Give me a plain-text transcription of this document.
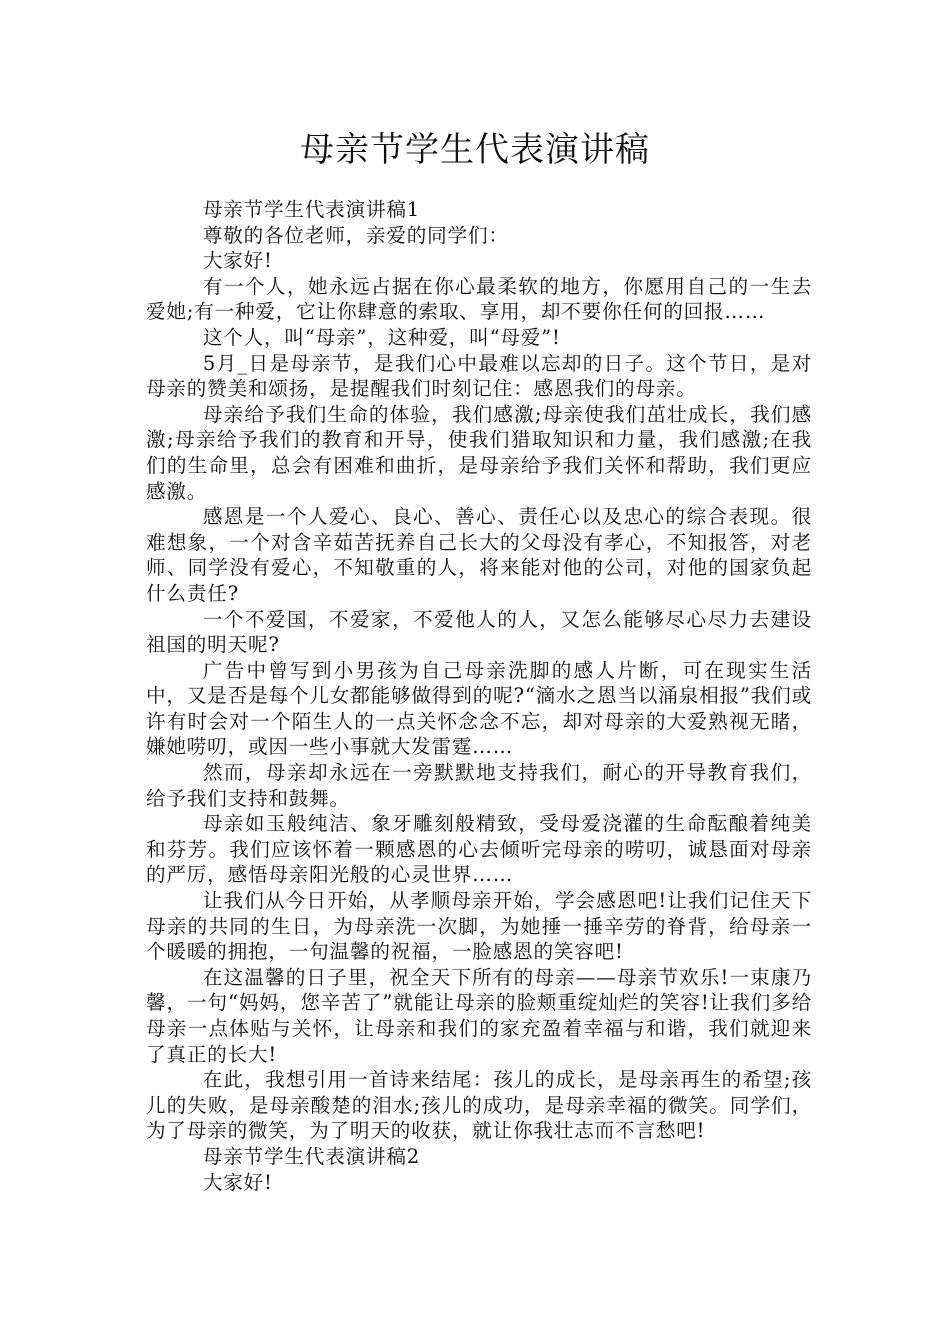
母亲节学生代表演讲稿

母亲节学生代表演讲稿1

尊敬的各位老师，亲爱的同学们：

大家好!

有一个人，她永远占据在你心最柔软的地方，你愿用自己的一生去爱她;有一种爱，它让你肆意的索取、享用，却不要你任何的回报……

这个人，叫“母亲”，这种爱，叫“母爱”!

5月_日是母亲节，是我们心中最难以忘却的日子。这个节日，是对母亲的赞美和颂扬，是提醒我们时刻记住：感恩我们的母亲。

母亲给予我们生命的体验，我们感激;母亲使我们茁壮成长，我们感激;母亲给予我们的教育和开导，使我们猎取知识和力量，我们感激;在我们的生命里，总会有困难和曲折，是母亲给予我们关怀和帮助，我们更应感激。

感恩是一个人爱心、良心、善心、责任心以及忠心的综合表现。很难想象，一个对含辛茹苦抚养自己长大的父母没有孝心，不知报答，对老师、同学没有爱心，不知敬重的人，将来能对他的公司，对他的国家负起什么责任?

一个不爱国，不爱家，不爱他人的人，又怎么能够尽心尽力去建设祖国的明天呢?

广告中曾写到小男孩为自己母亲洗脚的感人片断，可在现实生活中，又是否是每个儿女都能够做得到的呢?“滴水之恩当以涌泉相报”我们或许有时会对一个陌生人的一点关怀念念不忘，却对母亲的大爱熟视无睹，嫌她唠叨，或因一些小事就大发雷霆……

然而，母亲却永远在一旁默默地支持我们，耐心的开导教育我们，给予我们支持和鼓舞。

母亲如玉般纯洁、象牙雕刻般精致，受母爱浇灌的生命酝酿着纯美和芬芳。我们应该怀着一颗感恩的心去倾听完母亲的唠叨，诚恳面对母亲的严厉，感悟母亲阳光般的心灵世界……

让我们从今日开始，从孝顺母亲开始，学会感恩吧!让我们记住天下母亲的共同的生日，为母亲洗一次脚，为她捶一捶辛劳的脊背，给母亲一个暖暖的拥抱，一句温馨的祝福，一脸感恩的笑容吧!

在这温馨的日子里，祝全天下所有的母亲——母亲节欢乐!一束康乃馨，一句“妈妈，您辛苦了”就能让母亲的脸颊重绽灿烂的笑容!让我们多给母亲一点体贴与关怀，让母亲和我们的家充盈着幸福与和谐，我们就迎来了真正的长大!

在此，我想引用一首诗来结尾：孩儿的成长，是母亲再生的希望;孩儿的失败，是母亲酸楚的泪水;孩儿的成功，是母亲幸福的微笑。同学们，为了母亲的微笑，为了明天的收获，就让你我壮志而不言愁吧!

母亲节学生代表演讲稿2

大家好!
